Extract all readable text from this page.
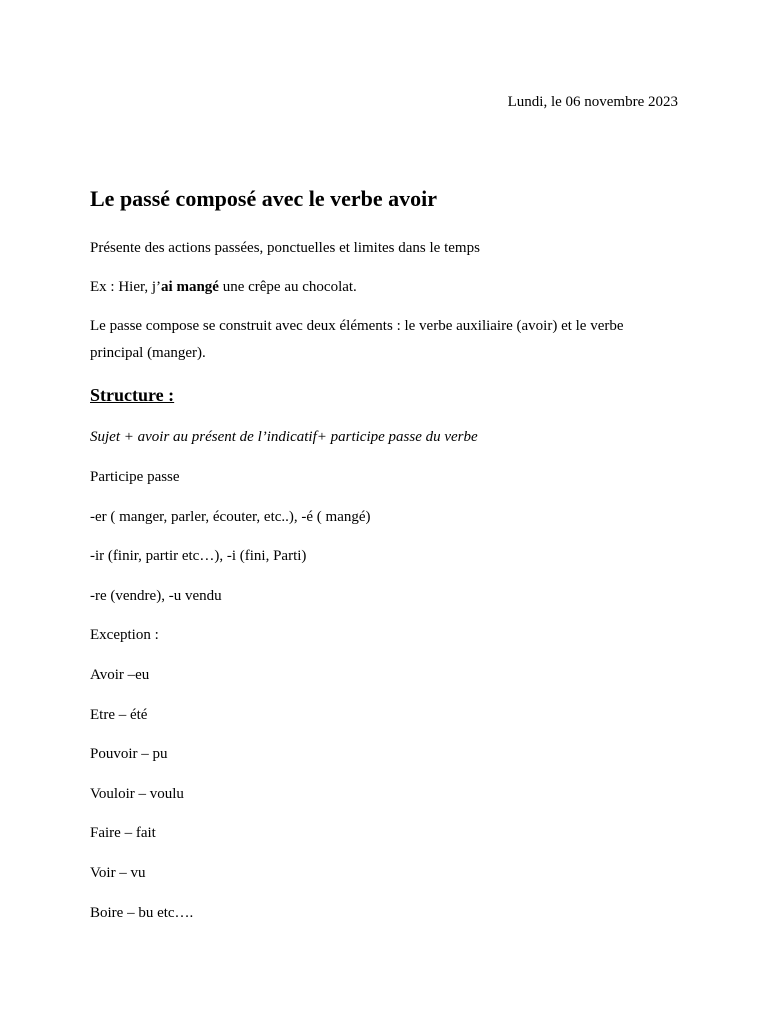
Lundi, le 06 novembre 2023
Le passé composé avec le verbe avoir

Présente des actions passées, ponctuelles et limites dans le temps

Ex : Hier, j’ai mangé une crêpe au chocolat.

Le passe compose se construit avec deux éléments : le verbe auxiliaire (avoir) et le verbe principal (manger).

Structure :

Sujet + avoir au présent de l’indicatif+ participe passe du verbe

Participe passe

-er ( manger, parler, écouter, etc..), -é ( mangé)

-ir (finir, partir etc…), -i (fini, Parti)

-re (vendre), -u vendu

Exception :

Avoir –eu

Etre – été

Pouvoir – pu

Vouloir – voulu

Faire – fait

Voir – vu

Boire – bu etc….
